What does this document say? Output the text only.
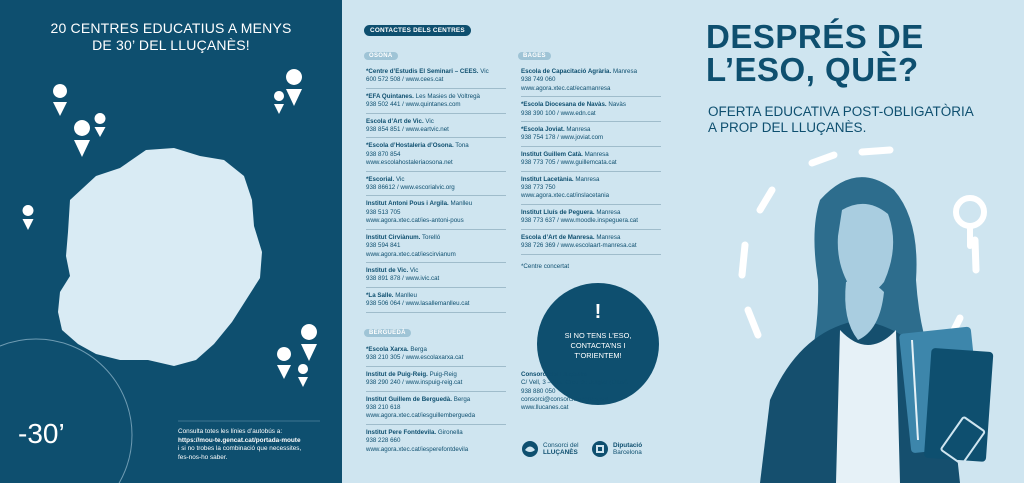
20 CENTRES EDUCATIUS A MENYS
DE 30’ DEL LLUÇANÈS!
-30’	Consulta totes les línies d’autobús a:
https://mou-te.gencat.cat/portada-moute
i si no trobes la combinació que necessites,
fes-nos-ho saber.
CONTACTES DELS CENTRES
OSONA	BAGES
BERGUEDÀ
*Centre d’Estudis El Seminari – CEES. Vic
600 572 508 / www.cees.cat
*EFA Quintanes. Les Masies de Voltregà
938 502 441 / www.quintanes.com
Escola d’Art de Vic. Vic
938 854 851 / www.eartvic.net
*Escola d’Hostaleria d’Osona. Tona
938 870 854
www.escolahostaleriaosona.net
*Escorial. Vic
938 86612 / www.escorialvic.org
Institut Antoni Pous i Argila. Manlleu
938 513 705
www.agora.xtec.cat/ies-antoni-pous
Institut Cirviànum. Torelló
938 594 841
www.agora.xtec.cat/iescirvianum
Institut de Vic. Vic
938 891 878 / www.ivic.cat
*La Salle. Manlleu
938 506 064 / www.lasallemanlleu.cat
*Escola Xarxa. Berga
938 210 305 / www.escolaxarxa.cat
Institut de Puig-Reig. Puig-Reig
938 290 240 / www.inspuig-reig.cat
Institut Guillem de Berguedà. Berga
938 210 618
www.agora.xtec.cat/iesguillembergueda
Institut Pere Fontdevila. Gironella
938 228 660
www.agora.xtec.cat/iesperefontdevila
Escola de Capacitació Agrària. Manresa
938 749 060
www.agora.xtec.cat/ecamanresa
*Escola Diocesana de Navàs. Navàs
938 390 100 / www.edn.cat
*Escola Joviat. Manresa
938 754 178 / www.joviat.com
Institut Guillem Catà. Manresa
938 773 705 / www.guillemcata.cat
Institut Lacetània. Manresa
938 773 750
www.agora.xtec.cat/inslacetania
Institut Lluís de Peguera. Manresa
938 773 637 / www.moodle.inspeguera.cat
Escola d’Art de Manresa. Manresa
938 726 369 / www.escolaart-manresa.cat
*Centre concertat
!
SI NO TENS L’ESO,
CONTACTA’NS I
T’ORIENTEM!
Consorci del Lluçanès
C/ Vell, 3 – Sta. Creu de Jutglar (Olost)
938 880 050
consorci@consorci.llucanes.cat
www.llucanes.cat
Consorci del
LLUÇANÈS
Diputació
Barcelona
DESPRÉS DE
L’ESO, QUÈ?
OFERTA EDUCATIVA POST-OBLIGATÒRIA
A PROP DEL LLUÇANÈS.
